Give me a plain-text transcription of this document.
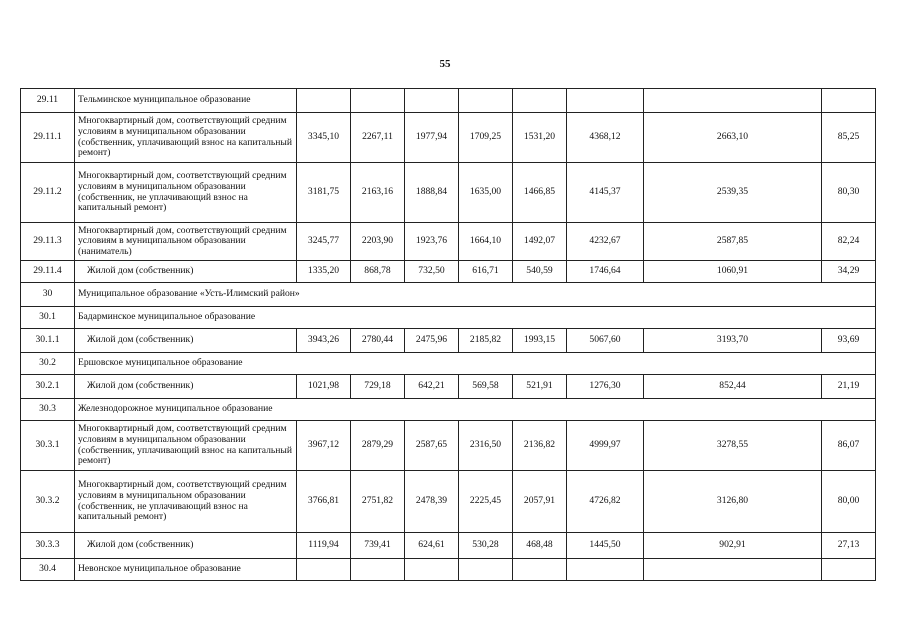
55
29.11	Тельминское муниципальное образование								
29.11.1	Многоквартирный дом, соответствующий средним условиям в муниципальном образовании (собственник, уплачивающий взнос на капитальный ремонт)	3345,10	2267,11	1977,94	1709,25	1531,20	4368,12	2663,10	85,25
29.11.2	Многоквартирный дом, соответствующий средним условиям в муниципальном образовании (собственник, не уплачивающий взнос на капитальный ремонт)	3181,75	2163,16	1888,84	1635,00	1466,85	4145,37	2539,35	80,30
29.11.3	Многоквартирный дом, соответствующий средним условиям в муниципальном образовании (наниматель)	3245,77	2203,90	1923,76	1664,10	1492,07	4232,67	2587,85	82,24
29.11.4	Жилой дом (собственник)	1335,20	868,78	732,50	616,71	540,59	1746,64	1060,91	34,29
30	Муниципальное образование «Усть-Илимский район»								
30.1	Бадарминское муниципальное образование								
30.1.1	Жилой дом (собственник)	3943,26	2780,44	2475,96	2185,82	1993,15	5067,60	3193,70	93,69
30.2	Ершовское муниципальное образование								
30.2.1	Жилой дом (собственник)	1021,98	729,18	642,21	569,58	521,91	1276,30	852,44	21,19
30.3	Железнодорожное муниципальное образование								
30.3.1	Многоквартирный дом, соответствующий средним условиям в муниципальном образовании (собственник, уплачивающий взнос на капитальный ремонт)	3967,12	2879,29	2587,65	2316,50	2136,82	4999,97	3278,55	86,07
30.3.2	Многоквартирный дом, соответствующий средним условиям в муниципальном образовании (собственник, не уплачивающий взнос на капитальный ремонт)	3766,81	2751,82	2478,39	2225,45	2057,91	4726,82	3126,80	80,00
30.3.3	Жилой дом (собственник)	1119,94	739,41	624,61	530,28	468,48	1445,50	902,91	27,13
30.4	Невонское муниципальное образование								
